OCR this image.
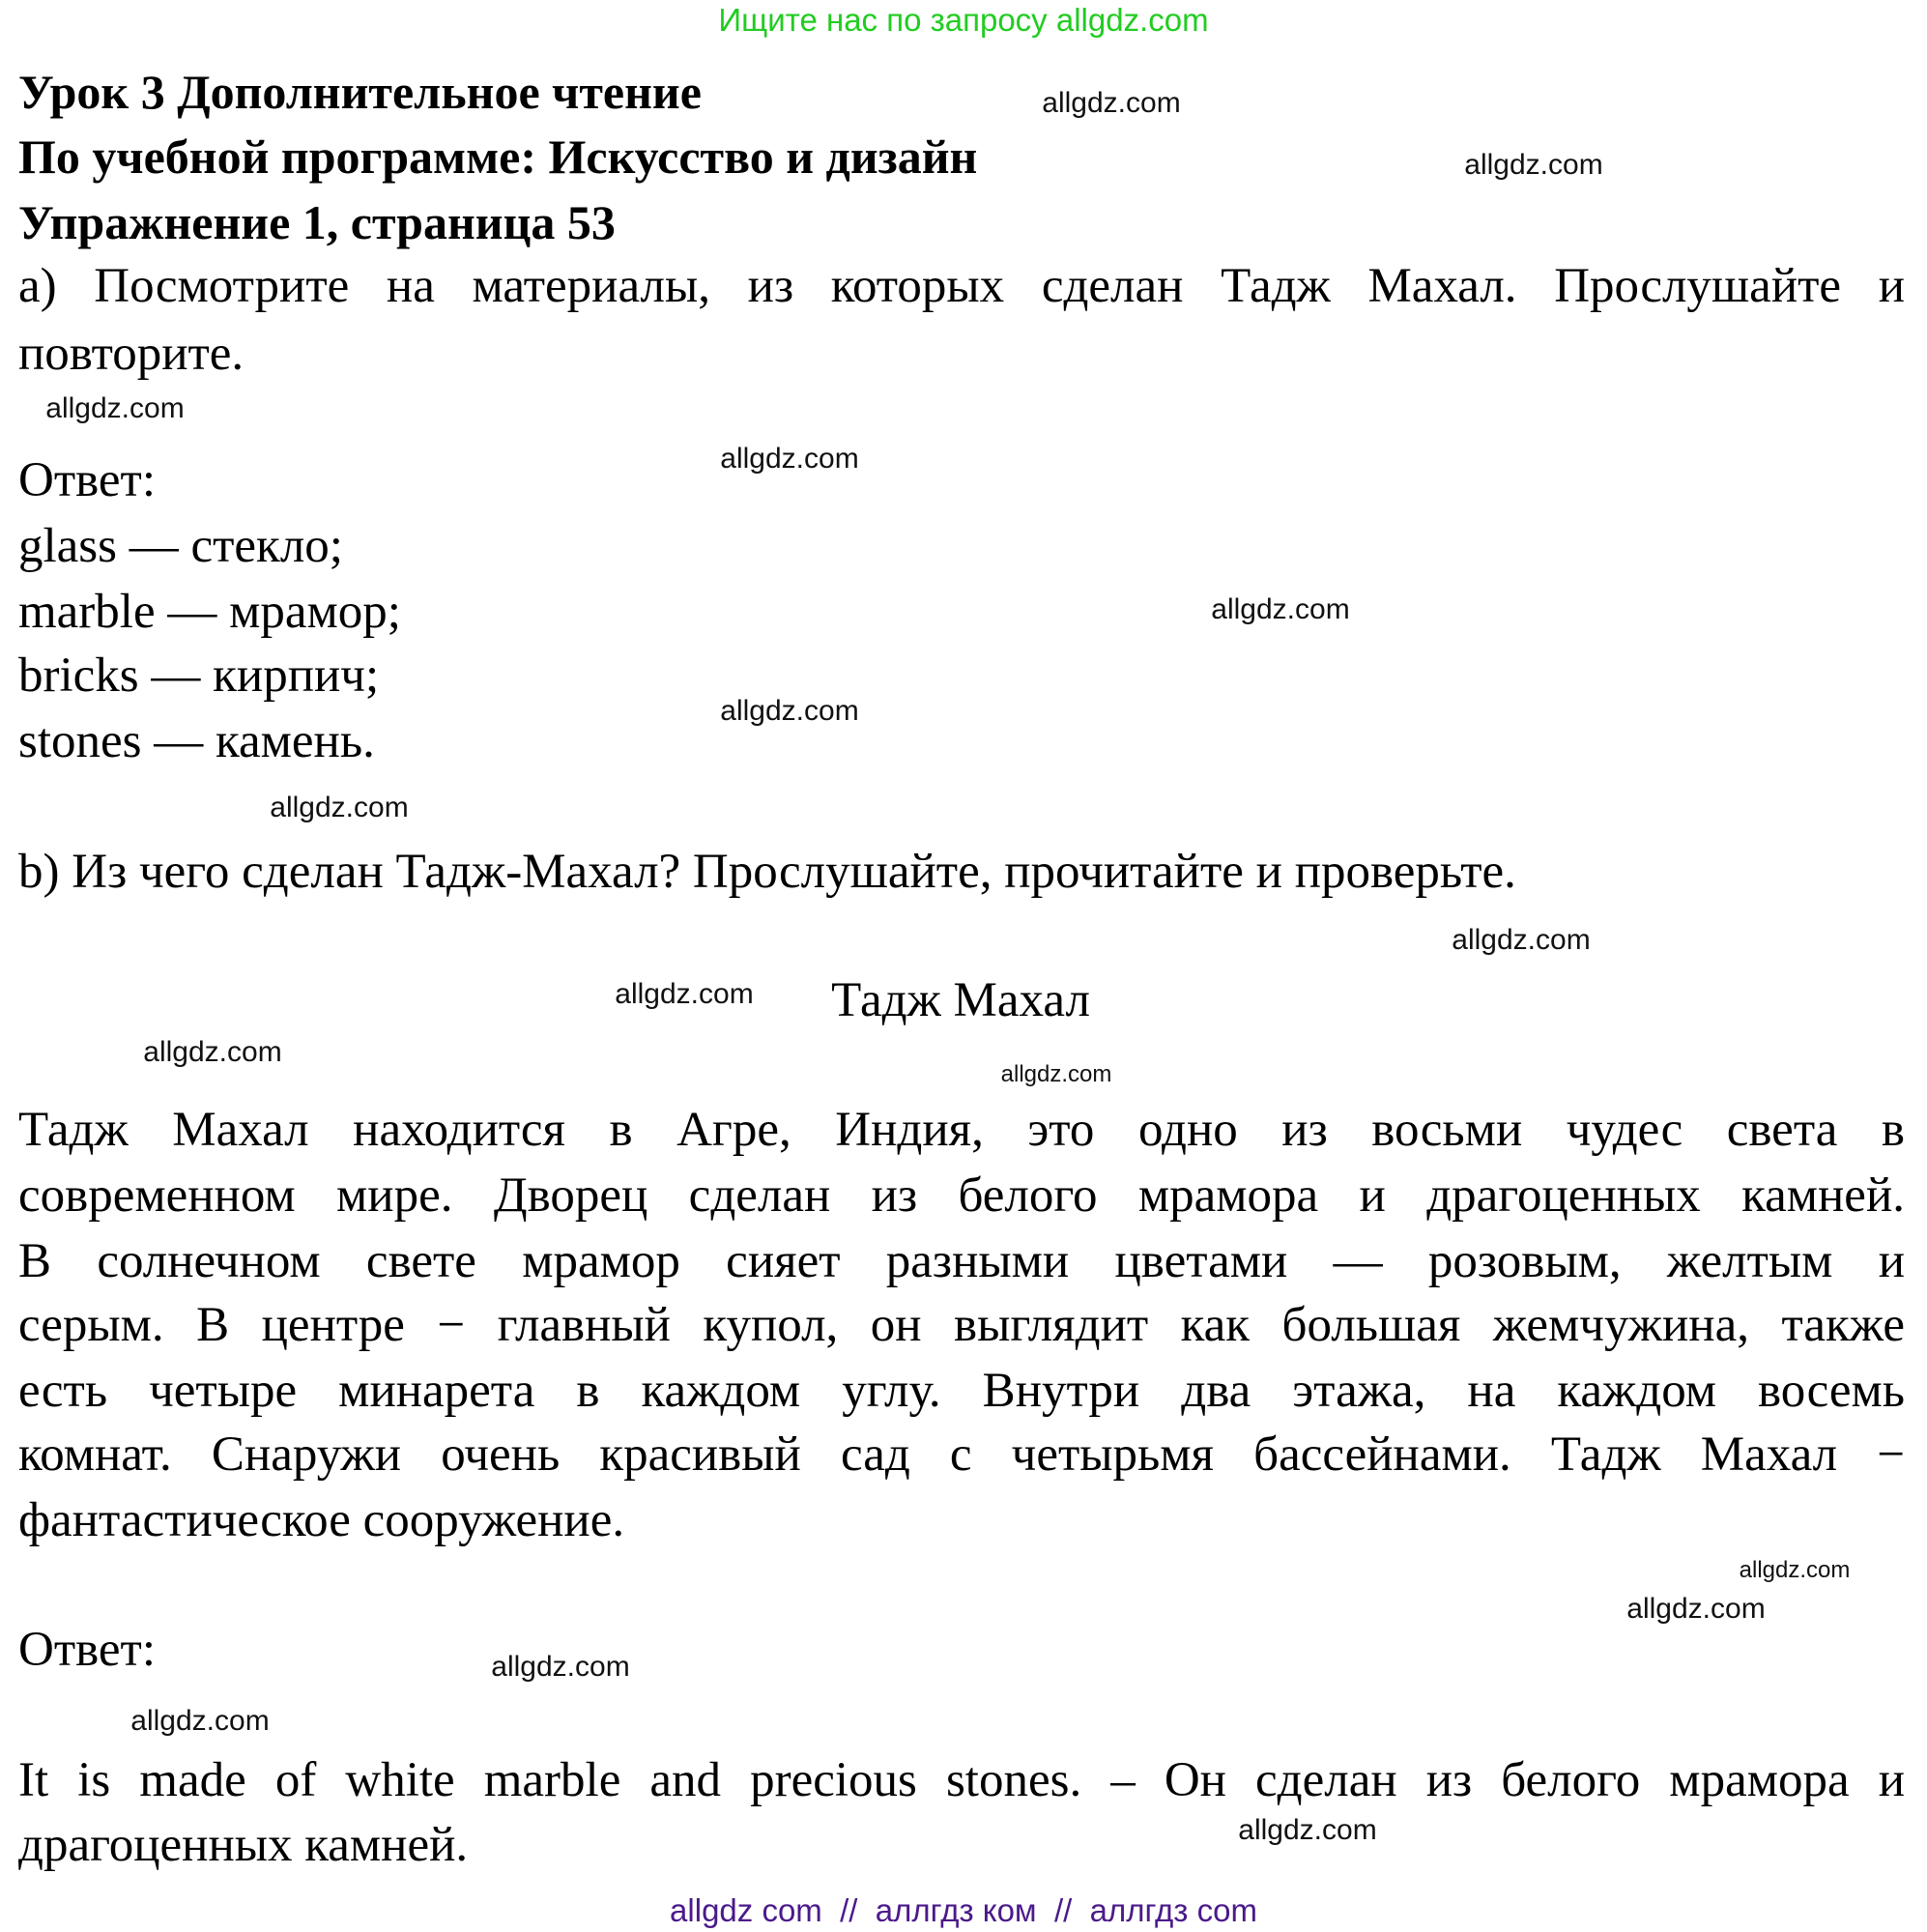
Ищите нас по запросу allgdz.com
Урок 3 Дополнительное чтение
По учебной программе: Искусство и дизайн
Упражнение 1, страница 53
а) Посмотрите на материалы, из которых сделан Тадж Махал. Прослушайте и
повторите.
Ответ:
glass — стекло;
marble — мрамор;
bricks — кирпич;
stones — камень.
b) Из чего сделан Тадж-Махал? Прослушайте, прочитайте и проверьте.
Тадж Махал
Тадж Махал находится в Агре, Индия, это одно из восьми чудес света в
современном мире. Дворец сделан из белого мрамора и драгоценных камней.
В солнечном свете мрамор сияет разными цветами — розовым, желтым и
серым. В центре − главный купол, он выглядит как большая жемчужина, также
есть четыре минарета в каждом углу. Внутри два этажа, на каждом восемь
комнат. Снаружи очень красивый сад с четырьмя бассейнами. Тадж Махал −
фантастическое сооружение.
Ответ:
It is made of white marble and precious stones. – Он сделан из белого мрамора и
драгоценных камней.
allgdz.com
allgdz.com
allgdz.com
allgdz.com
allgdz.com
allgdz.com
allgdz.com
allgdz.com
allgdz.com
allgdz.com
allgdz.com
allgdz.com
allgdz.com
allgdz.com
allgdz.com
allgdz.com
allgdz com  //  аллгдз ком  //  аллгдз com
